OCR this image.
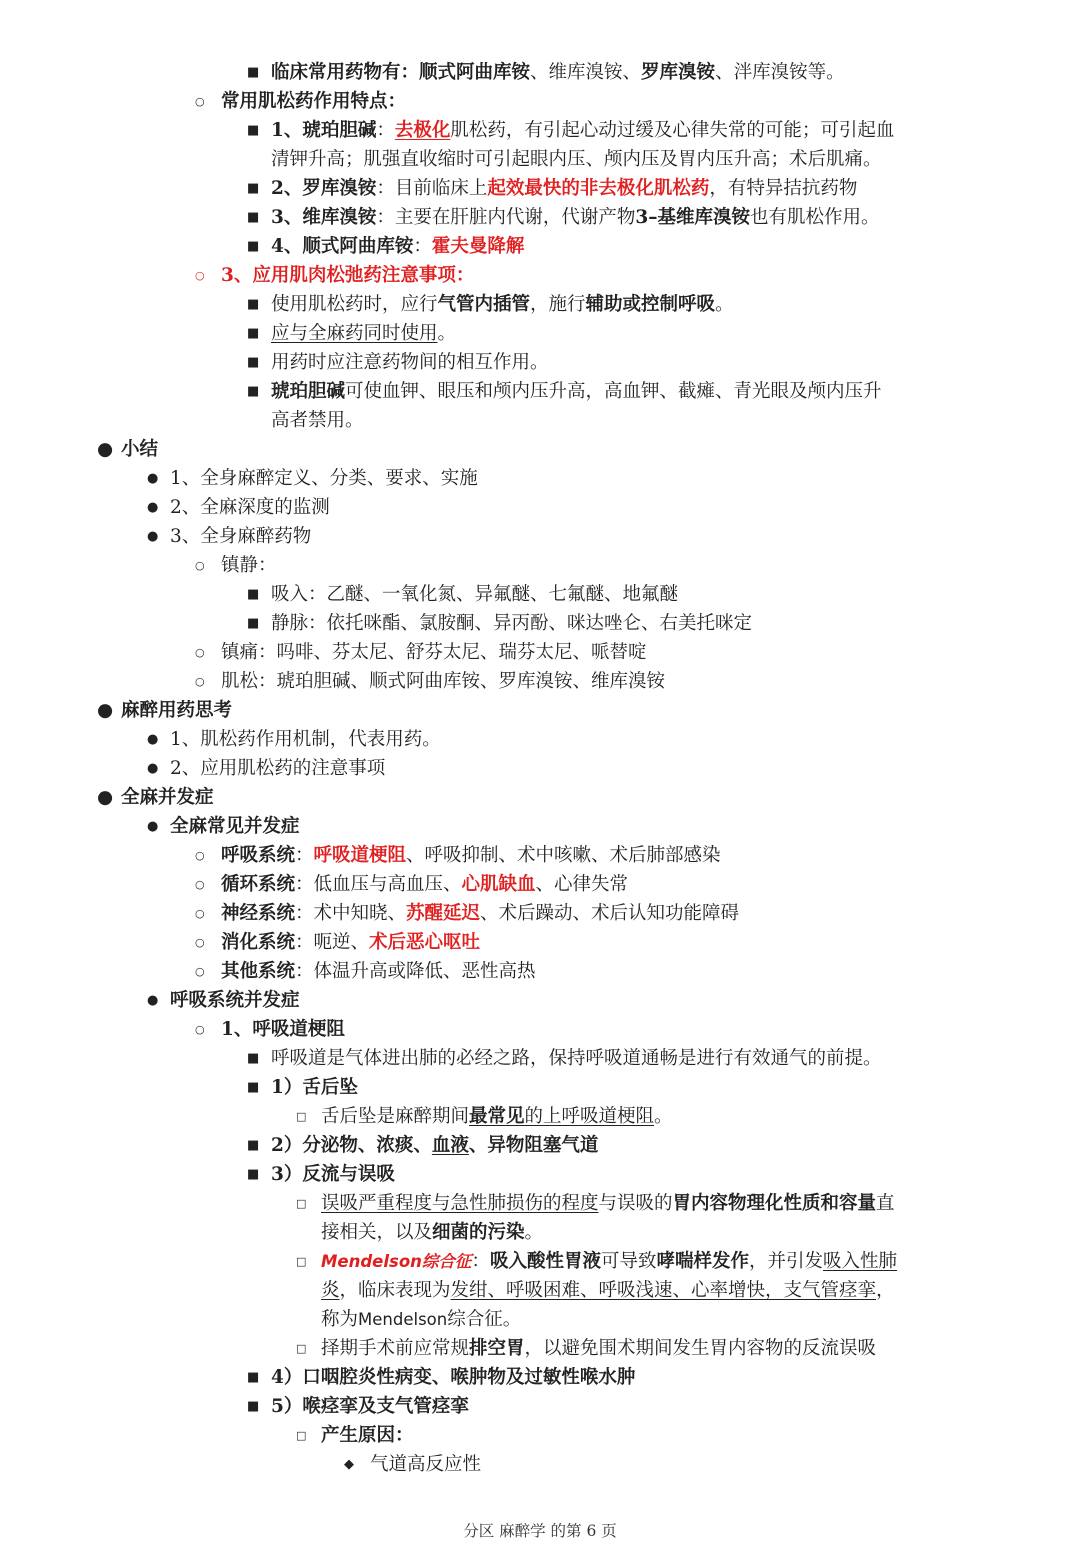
■ 临床常用药物有：顺式阿曲库铵、维库溴铵、罗库溴铵、泮库溴铵等。
○ 常用肌松药作用特点：
■ 1、琥珀胆碱：去极化肌松药，有引起心动过缓及心律失常的可能；可引起血
清钾升高；肌强直收缩时可引起眼内压、颅内压及胃内压升高；术后肌痛。
■ 2、罗库溴铵：目前临床上起效最快的非去极化肌松药，有特异拮抗药物
■ 3、维库溴铵：主要在肝脏内代谢，代谢产物3–基维库溴铵也有肌松作用。
■ 4、顺式阿曲库铵：霍夫曼降解
○ 3、应用肌肉松弛药注意事项：
■ 使用肌松药时，应行气管内插管，施行辅助或控制呼吸。
■ 应与全麻药同时使用。
■ 用药时应注意药物间的相互作用。
■ 琥珀胆碱可使血钾、眼压和颅内压升高，高血钾、截瘫、青光眼及颅内压升
高者禁用。
● 小结
● 1、全身麻醉定义、分类、要求、实施
● 2、全麻深度的监测
● 3、全身麻醉药物
○ 镇静：
■ 吸入：乙醚、一氧化氮、异氟醚、七氟醚、地氟醚
■ 静脉：依托咪酯、氯胺酮、异丙酚、咪达唑仑、右美托咪定
○ 镇痛：吗啡、芬太尼、舒芬太尼、瑞芬太尼、哌替啶
○ 肌松：琥珀胆碱、顺式阿曲库铵、罗库溴铵、维库溴铵
● 麻醉用药思考
● 1、肌松药作用机制，代表用药。
● 2、应用肌松药的注意事项
● 全麻并发症
● 全麻常见并发症
○ 呼吸系统：呼吸道梗阻、呼吸抑制、术中咳嗽、术后肺部感染
○ 循环系统：低血压与高血压、心肌缺血、心律失常
○ 神经系统：术中知晓、苏醒延迟、术后躁动、术后认知功能障碍
○ 消化系统：呃逆、术后恶心呕吐
○ 其他系统：体温升高或降低、恶性高热
● 呼吸系统并发症
○ 1、呼吸道梗阻
■ 呼吸道是气体进出肺的必经之路，保持呼吸道通畅是进行有效通气的前提。
■ 1）舌后坠
□ 舌后坠是麻醉期间最常见的上呼吸道梗阻。
■ 2）分泌物、浓痰、血液、异物阻塞气道
■ 3）反流与误吸
□ 误吸严重程度与急性肺损伤的程度与误吸的胃内容物理化性质和容量直
接相关，以及细菌的污染。
□ Mendelson综合征：吸入酸性胃液可导致哮喘样发作，并引发吸入性肺
炎，临床表现为发绀、呼吸困难、呼吸浅速、心率增快，支气管痉挛，
称为Mendelson综合征。
□ 择期手术前应常规排空胃，以避免围术期间发生胃内容物的反流误吸
■ 4）口咽腔炎性病变、喉肿物及过敏性喉水肿
■ 5）喉痉挛及支气管痉挛
□ 产生原因：
◆ 气道高反应性
分区 麻醉学 的第 6 页
